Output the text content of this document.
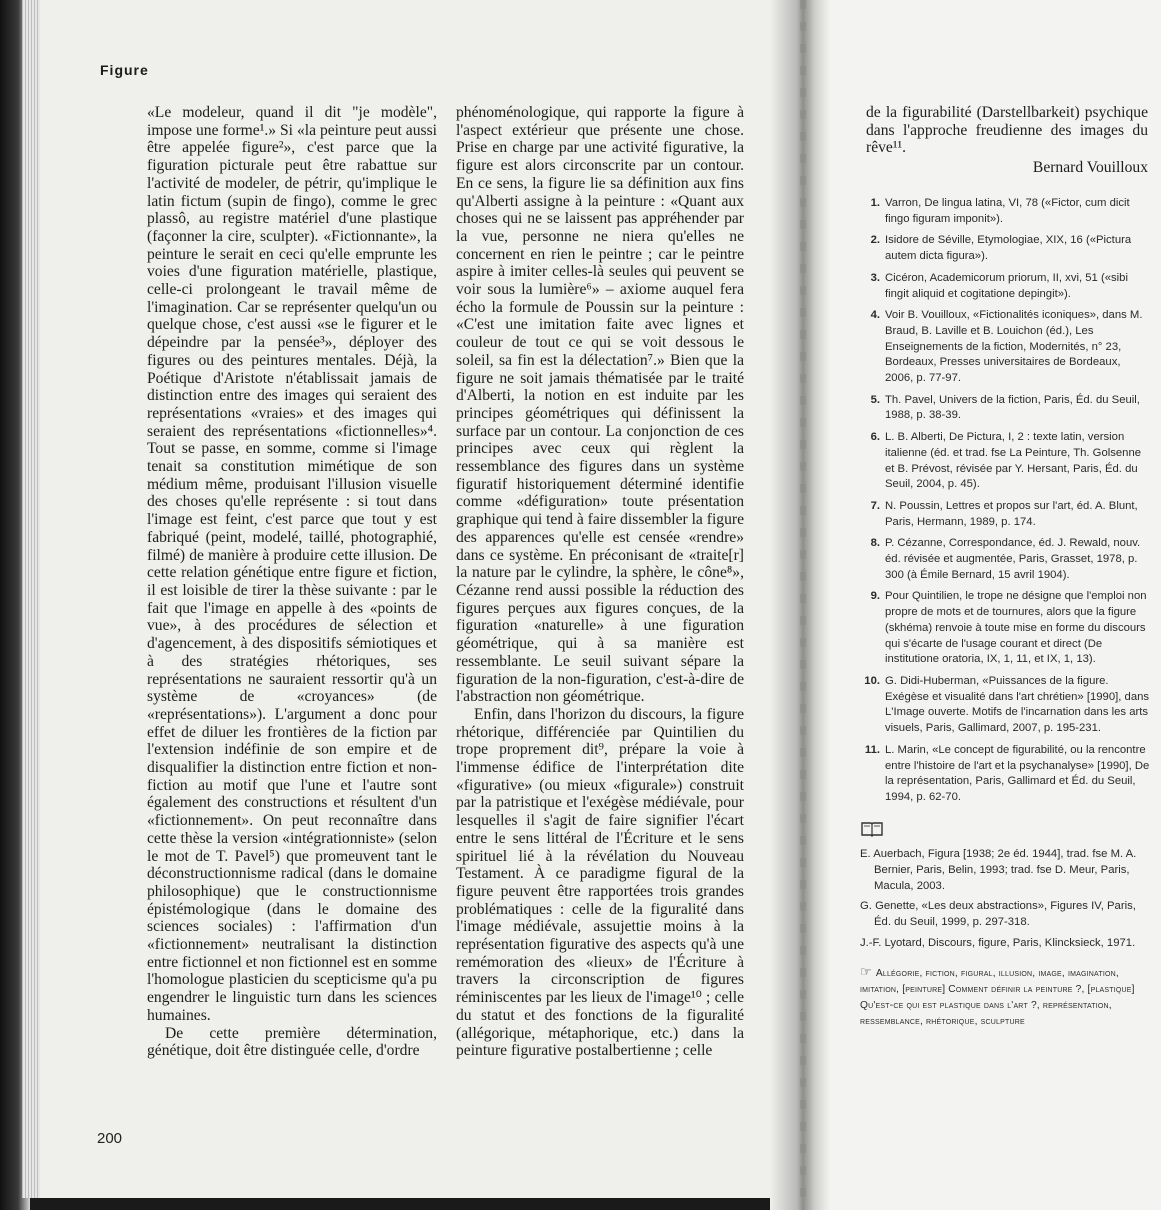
Figure

«Le modeleur, quand il dit "je modèle", impose une forme¹.» Si «la peinture peut aussi être appelée figure²», c'est parce que la figuration picturale peut être rabattue sur l'activité de modeler, de pétrir, qu'implique le latin fictum (supin de fingo), comme le grec plassô, au registre matériel d'une plastique (façonner la cire, sculpter). «Fictionnante», la peinture le serait en ceci qu'elle emprunte les voies d'une figuration matérielle, plastique, celle-ci prolongeant le travail même de l'imagination. Car se représenter quelqu'un ou quelque chose, c'est aussi «se le figurer et le dépeindre par la pensée³», déployer des figures ou des peintures mentales. Déjà, la Poétique d'Aristote n'établissait jamais de distinction entre des images qui seraient des représentations «vraies» et des images qui seraient des représentations «fictionnelles»⁴. Tout se passe, en somme, comme si l'image tenait sa constitution mimétique de son médium même, produisant l'illusion visuelle des choses qu'elle représente : si tout dans l'image est feint, c'est parce que tout y est fabriqué (peint, modelé, taillé, photographié, filmé) de manière à produire cette illusion. De cette relation génétique entre figure et fiction, il est loisible de tirer la thèse suivante : par le fait que l'image en appelle à des «points de vue», à des procédures de sélection et d'agencement, à des dispositifs sémiotiques et à des stratégies rhétoriques, ses représentations ne sauraient ressortir qu'à un système de «croyances» (de «représentations»). L'argument a donc pour effet de diluer les frontières de la fiction par l'extension indéfinie de son empire et de disqualifier la distinction entre fiction et non-fiction au motif que l'une et l'autre sont également des constructions et résultent d'un «fictionnement». On peut reconnaître dans cette thèse la version «intégrationniste» (selon le mot de T. Pavel⁵) que promeuvent tant le déconstructionnisme radical (dans le domaine philosophique) que le constructionnisme épistémologique (dans le domaine des sciences sociales) : l'affirmation d'un «fictionnement» neutralisant la distinction entre fictionnel et non fictionnel est en somme l'homologue plasticien du scepticisme qu'a pu engendrer le linguistic turn dans les sciences humaines.

De cette première détermination, génétique, doit être distinguée celle, d'ordre

phénoménologique, qui rapporte la figure à l'aspect extérieur que présente une chose. Prise en charge par une activité figurative, la figure est alors circonscrite par un contour. En ce sens, la figure lie sa définition aux fins qu'Alberti assigne à la peinture : «Quant aux choses qui ne se laissent pas appréhender par la vue, personne ne niera qu'elles ne concernent en rien le peintre ; car le peintre aspire à imiter celles-là seules qui peuvent se voir sous la lumière⁶» – axiome auquel fera écho la formule de Poussin sur la peinture : «C'est une imitation faite avec lignes et couleur de tout ce qui se voit dessous le soleil, sa fin est la délectation⁷.» Bien que la figure ne soit jamais thématisée par le traité d'Alberti, la notion en est induite par les principes géométriques qui définissent la surface par un contour. La conjonction de ces principes avec ceux qui règlent la ressemblance des figures dans un système figuratif historiquement déterminé identifie comme «défiguration» toute présentation graphique qui tend à faire dissembler la figure des apparences qu'elle est censée «rendre» dans ce système. En préconisant de «traite[r] la nature par le cylindre, la sphère, le cône⁸», Cézanne rend aussi possible la réduction des figures perçues aux figures conçues, de la figuration «naturelle» à une figuration géométrique, qui à sa manière est ressemblante. Le seuil suivant sépare la figuration de la non-figuration, c'est-à-dire de l'abstraction non géométrique.

Enfin, dans l'horizon du discours, la figure rhétorique, différenciée par Quintilien du trope proprement dit⁹, prépare la voie à l'immense édifice de l'interprétation dite «figurative» (ou mieux «figurale») construit par la patristique et l'exégèse médiévale, pour lesquelles il s'agit de faire signifier l'écart entre le sens littéral de l'Écriture et le sens spirituel lié à la révélation du Nouveau Testament. À ce paradigme figural de la figure peuvent être rapportées trois grandes problématiques : celle de la figuralité dans l'image médiévale, assujettie moins à la représentation figurative des aspects qu'à une remémoration des «lieux» de l'Écriture à travers la circonscription de figures réminiscentes par les lieux de l'image¹⁰ ; celle du statut et des fonctions de la figuralité (allégorique, métaphorique, etc.) dans la peinture figurative postalbertienne ; celle

200

de la figurabilité (Darstellbarkeit) psychique dans l'approche freudienne des images du rêve¹¹.

Bernard Vouilloux
1. Varron, De lingua latina, VI, 78 («Fictor, cum dicit fingo figuram imponit»).
2. Isidore de Séville, Etymologiae, XIX, 16 («Pictura autem dicta figura»).
3. Cicéron, Academicorum priorum, II, xvi, 51 («sibi fingit aliquid et cogitatione depingit»).
4. Voir B. Vouilloux, «Fictionalités iconiques», dans M. Braud, B. Laville et B. Louichon (éd.), Les Enseignements de la fiction, Modernités, n° 23, Bordeaux, Presses universitaires de Bordeaux, 2006, p. 77-97.
5. Th. Pavel, Univers de la fiction, Paris, Éd. du Seuil, 1988, p. 38-39.
6. L. B. Alberti, De Pictura, I, 2 : texte latin, version italienne (éd. et trad. fse La Peinture, Th. Golsenne et B. Prévost, révisée par Y. Hersant, Paris, Éd. du Seuil, 2004, p. 45).
7. N. Poussin, Lettres et propos sur l'art, éd. A. Blunt, Paris, Hermann, 1989, p. 174.
8. P. Cézanne, Correspondance, éd. J. Rewald, nouv. éd. révisée et augmentée, Paris, Grasset, 1978, p. 300 (à Émile Bernard, 15 avril 1904).
9. Pour Quintilien, le trope ne désigne que l'emploi non propre de mots et de tournures, alors que la figure (skhéma) renvoie à toute mise en forme du discours qui s'écarte de l'usage courant et direct (De institutione oratoria, IX, 1, 11, et IX, 1, 13).
10. G. Didi-Huberman, «Puissances de la figure. Exégèse et visualité dans l'art chrétien» [1990], dans L'Image ouverte. Motifs de l'incarnation dans les arts visuels, Paris, Gallimard, 2007, p. 195-231.
11. L. Marin, «Le concept de figurabilité, ou la rencontre entre l'histoire de l'art et la psychanalyse» [1990], De la représentation, Paris, Gallimard et Éd. du Seuil, 1994, p. 62-70.
E. Auerbach, Figura [1938; 2e éd. 1944], trad. fse M. A. Bernier, Paris, Belin, 1993; trad. fse D. Meur, Paris, Macula, 2003.
G. Genette, «Les deux abstractions», Figures IV, Paris, Éd. du Seuil, 1999, p. 297-318.
J.-F. Lyotard, Discours, figure, Paris, Klincksieck, 1971.
☞ Allégorie, fiction, figural, illusion, image, imagination, imitation, [peinture] Comment définir la peinture ?, [plastique] Qu'est-ce qui est plastique dans l'art ?, représentation, ressemblance, rhétorique, sculpture
